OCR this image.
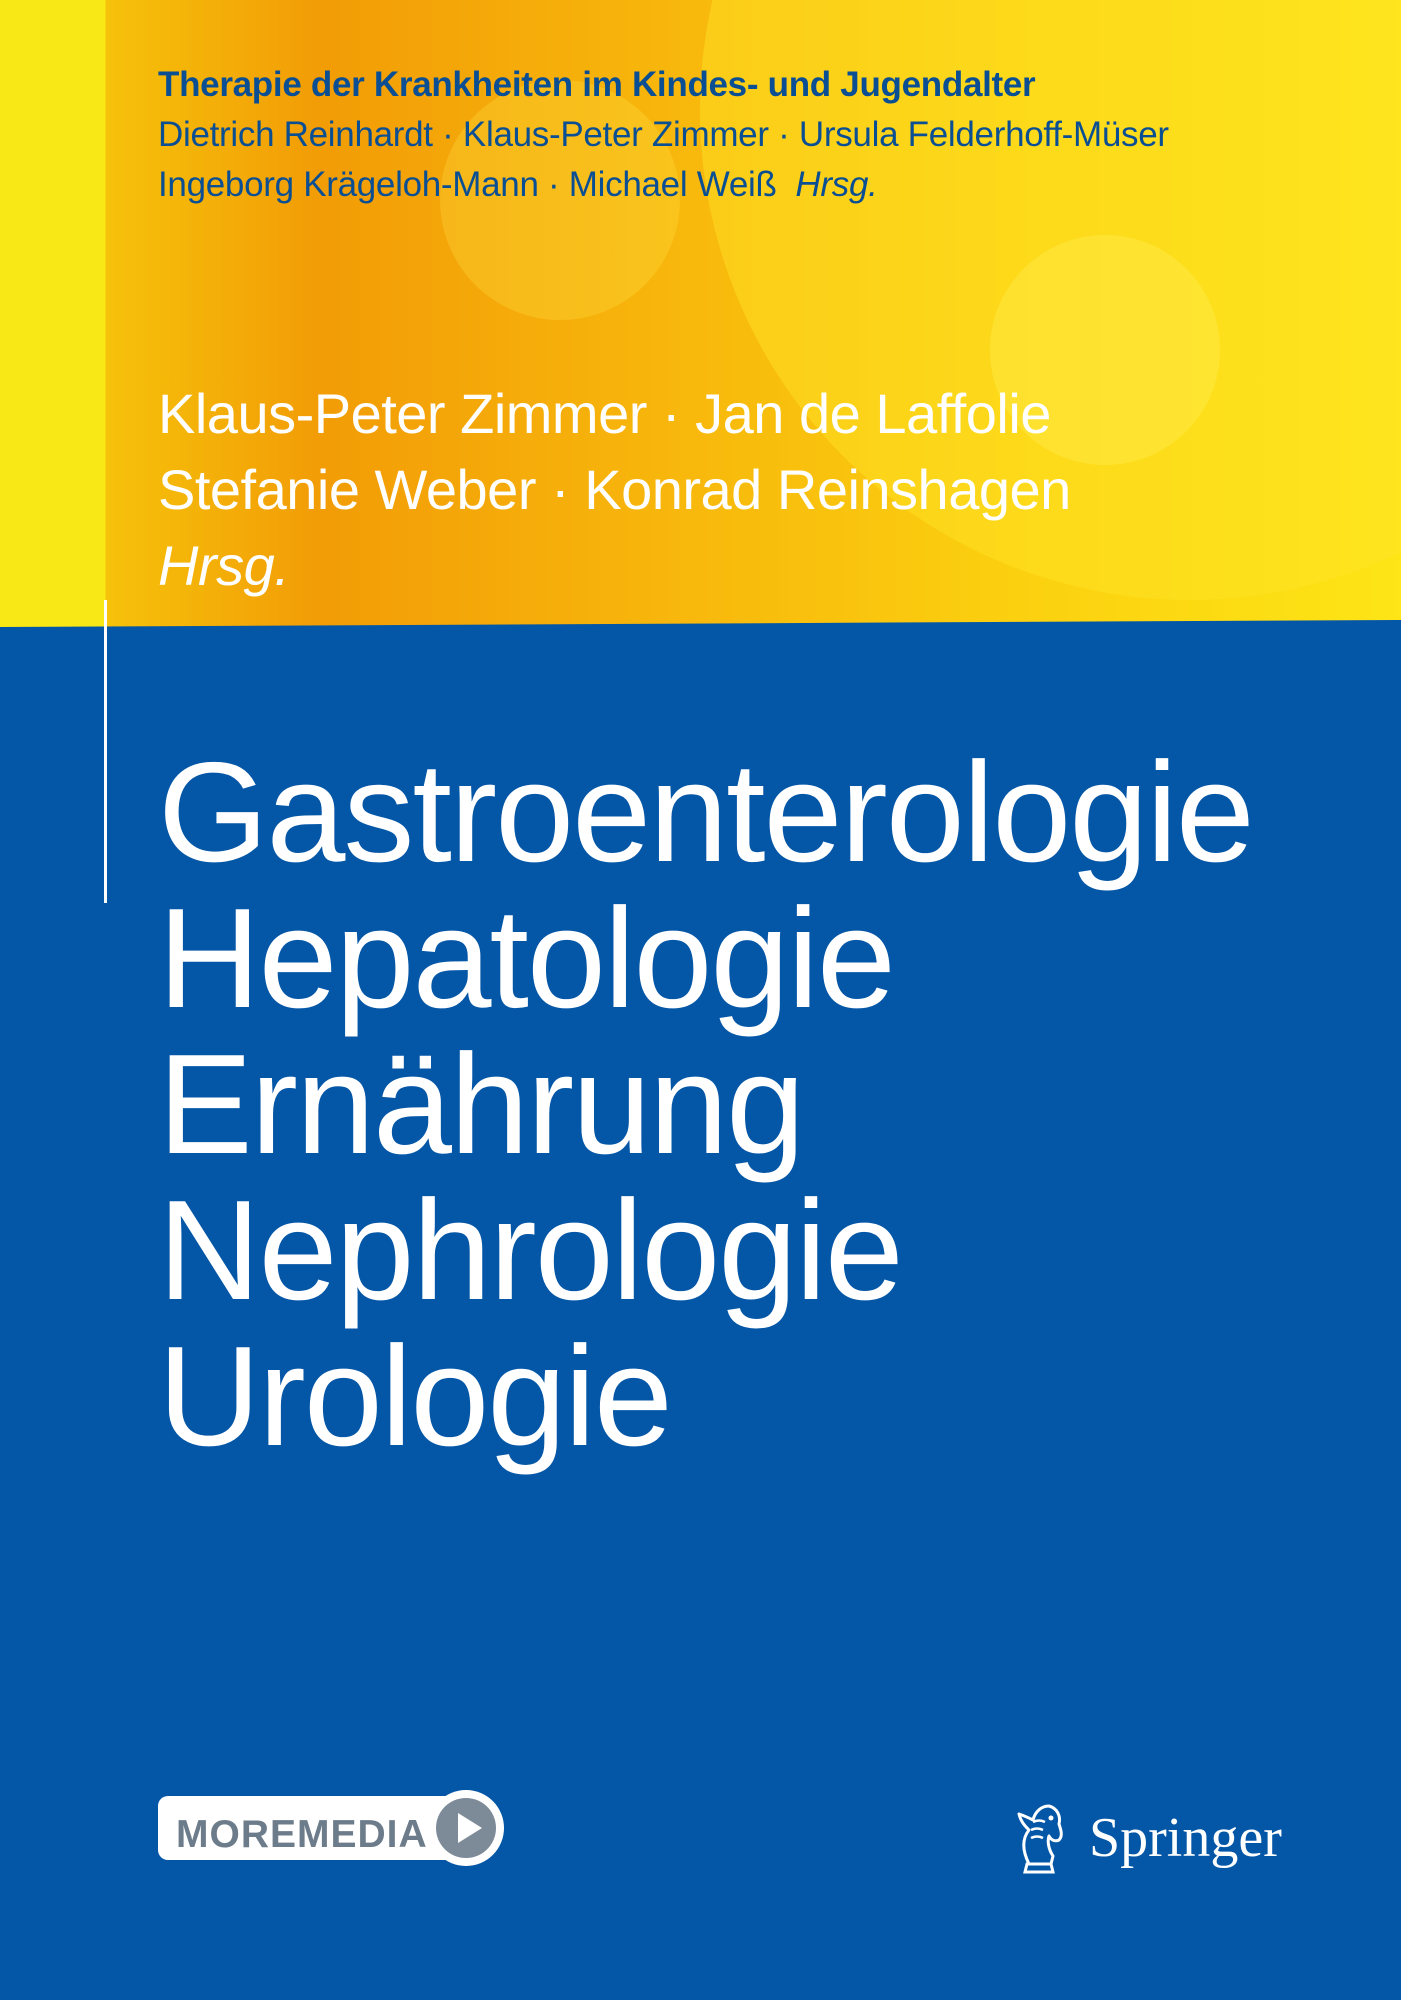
Therapie der Krankheiten im Kindes- und Jugendalter
Dietrich Reinhardt · Klaus-Peter Zimmer · Ursula Felderhoff-Müser
Ingeborg Krägeloh-Mann · Michael Weiß Hrsg.
Klaus-Peter Zimmer · Jan de Laffolie
Stefanie Weber · Konrad Reinshagen
Hrsg.
Gastroenterologie
Hepatologie
Ernährung
Nephrologie
Urologie
MOREMEDIA	Springer
